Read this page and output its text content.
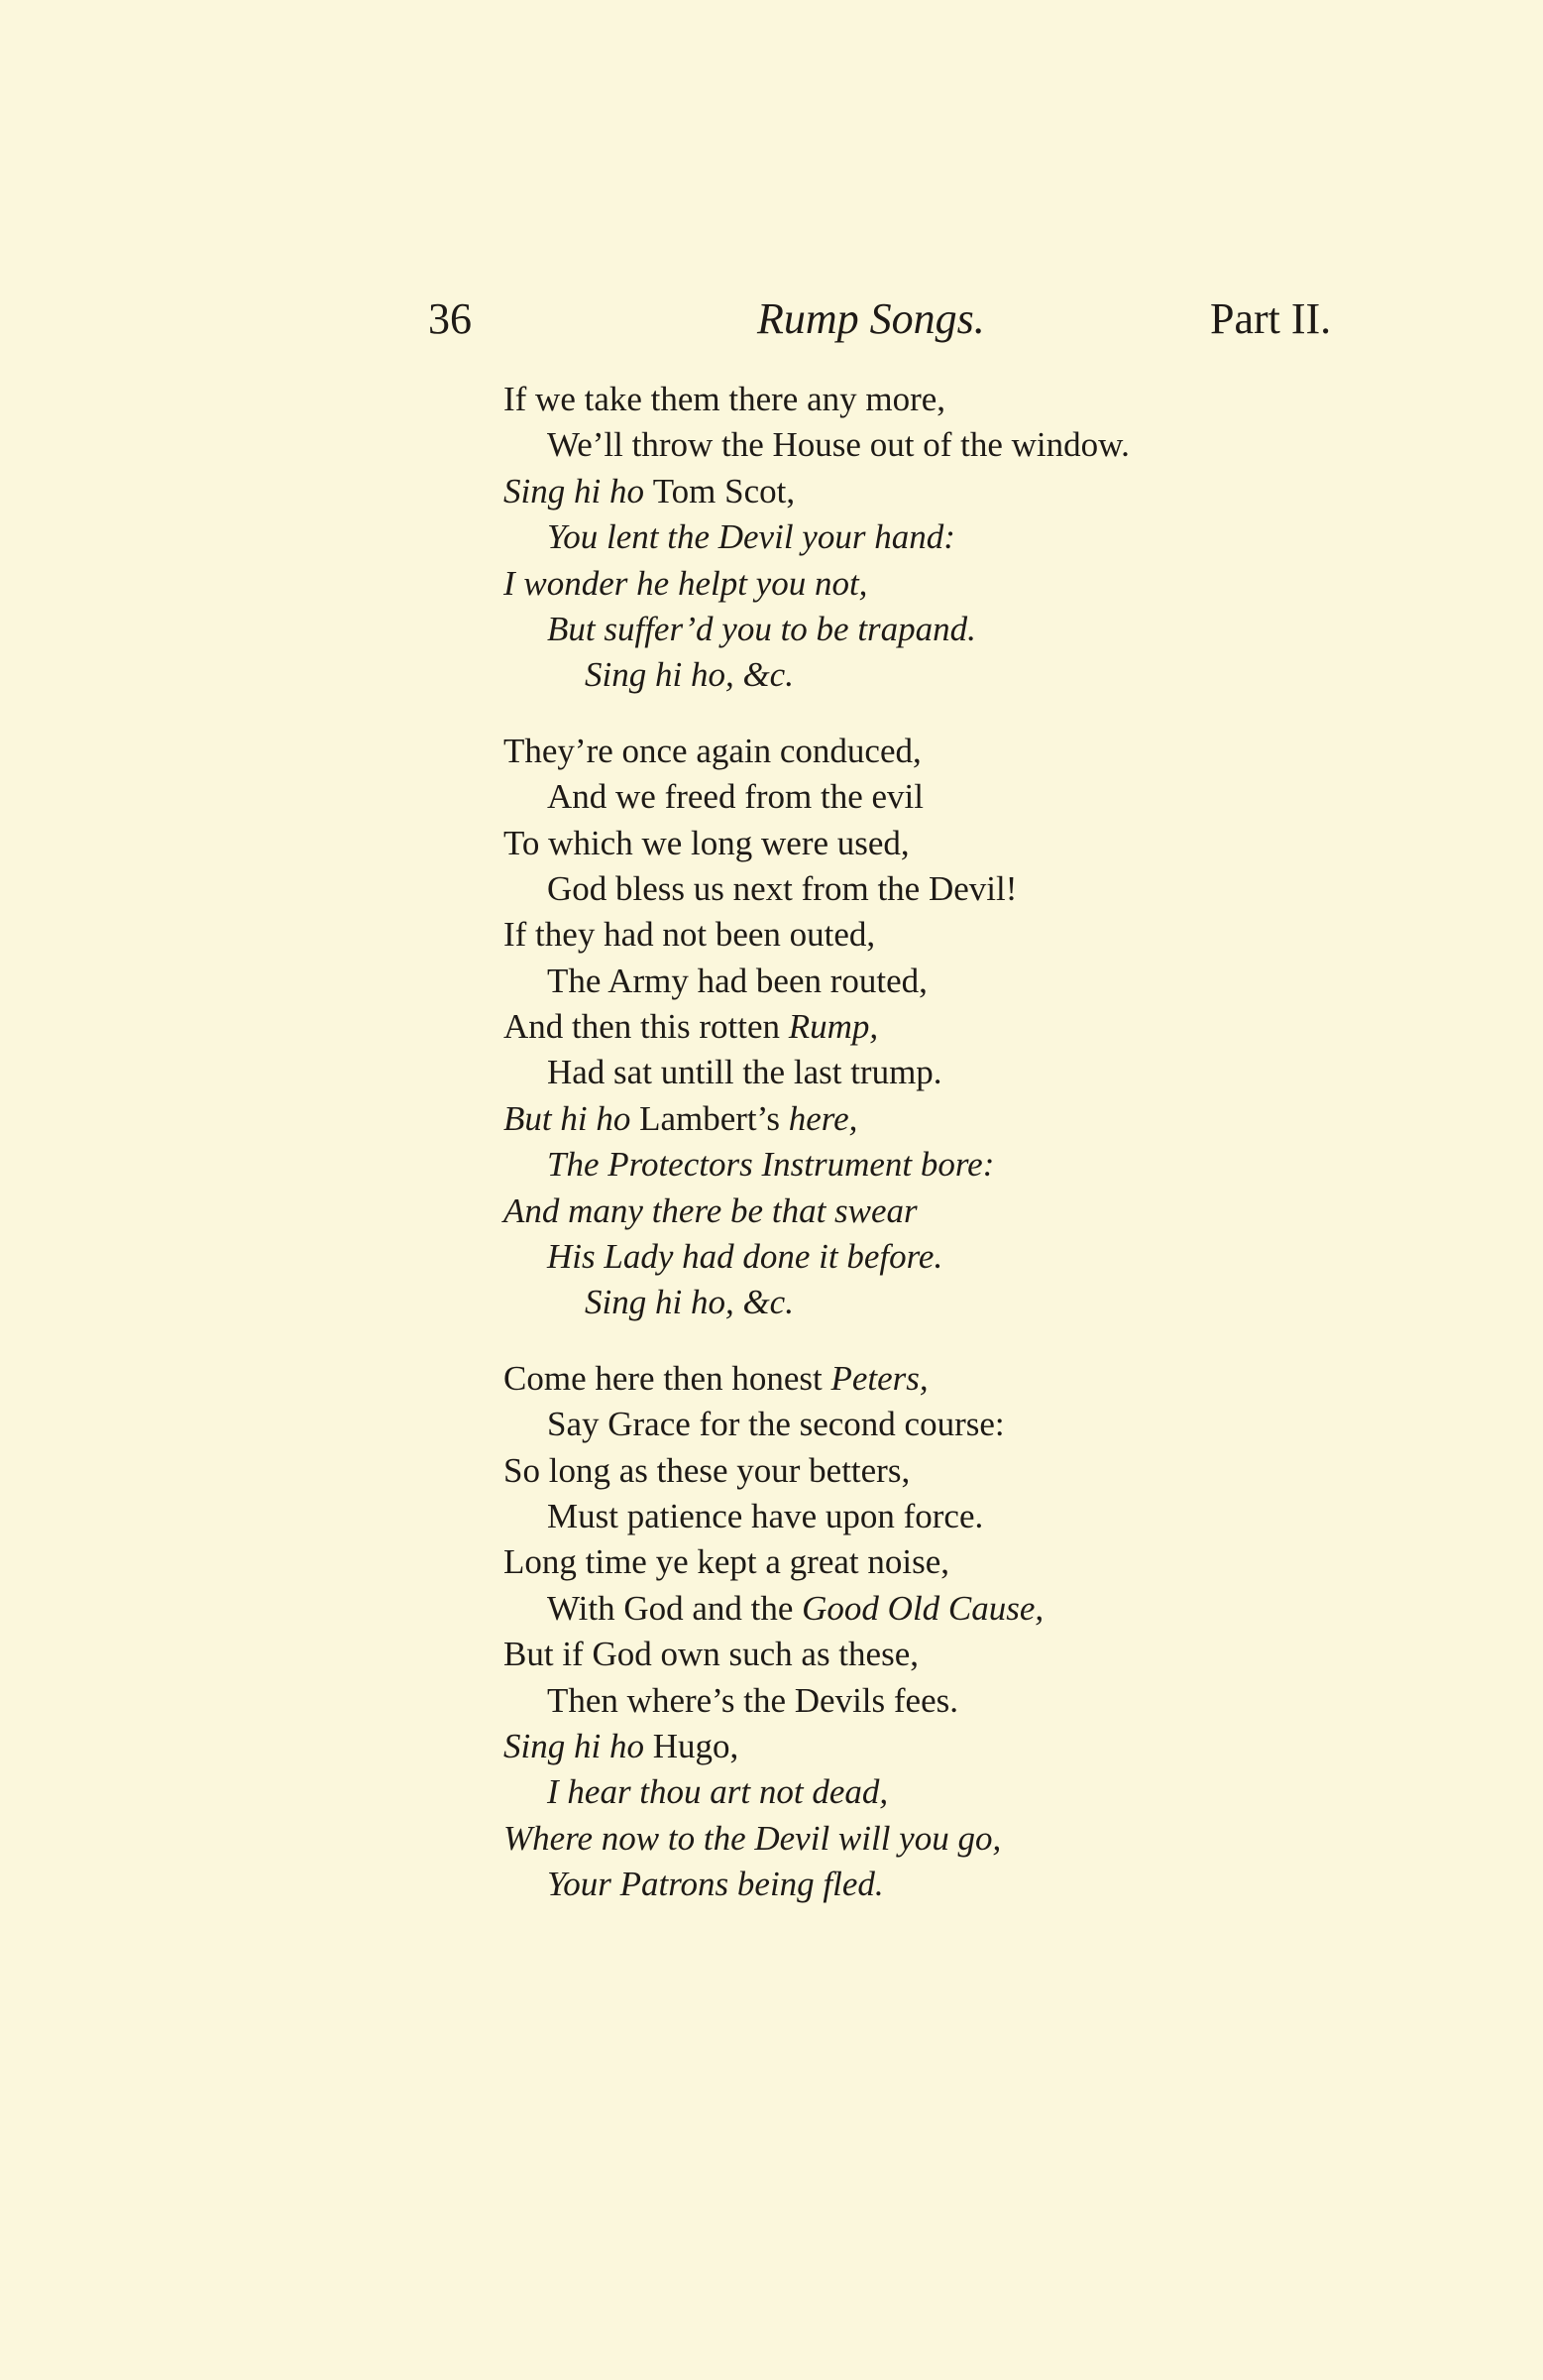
36	Rump Songs.	Part II.
If we take them there any more,
We’ll throw the House out of the window.
Sing hi ho Tom Scot,
You lent the Devil your hand:
I wonder he helpt you not,
But suffer’d you to be trapand.
Sing hi ho, &c.
They’re once again conduced,
And we freed from the evil
To which we long were used,
God bless us next from the Devil!
If they had not been outed,
The Army had been routed,
And then this rotten Rump,
Had sat untill the last trump.
But hi ho Lambert’s here,
The Protectors Instrument bore:
And many there be that swear
His Lady had done it before.
Sing hi ho, &c.
Come here then honest Peters,
Say Grace for the second course:
So long as these your betters,
Must patience have upon force.
Long time ye kept a great noise,
With God and the Good Old Cause,
But if God own such as these,
Then where’s the Devils fees.
Sing hi ho Hugo,
I hear thou art not dead,
Where now to the Devil will you go,
Your Patrons being fled.
